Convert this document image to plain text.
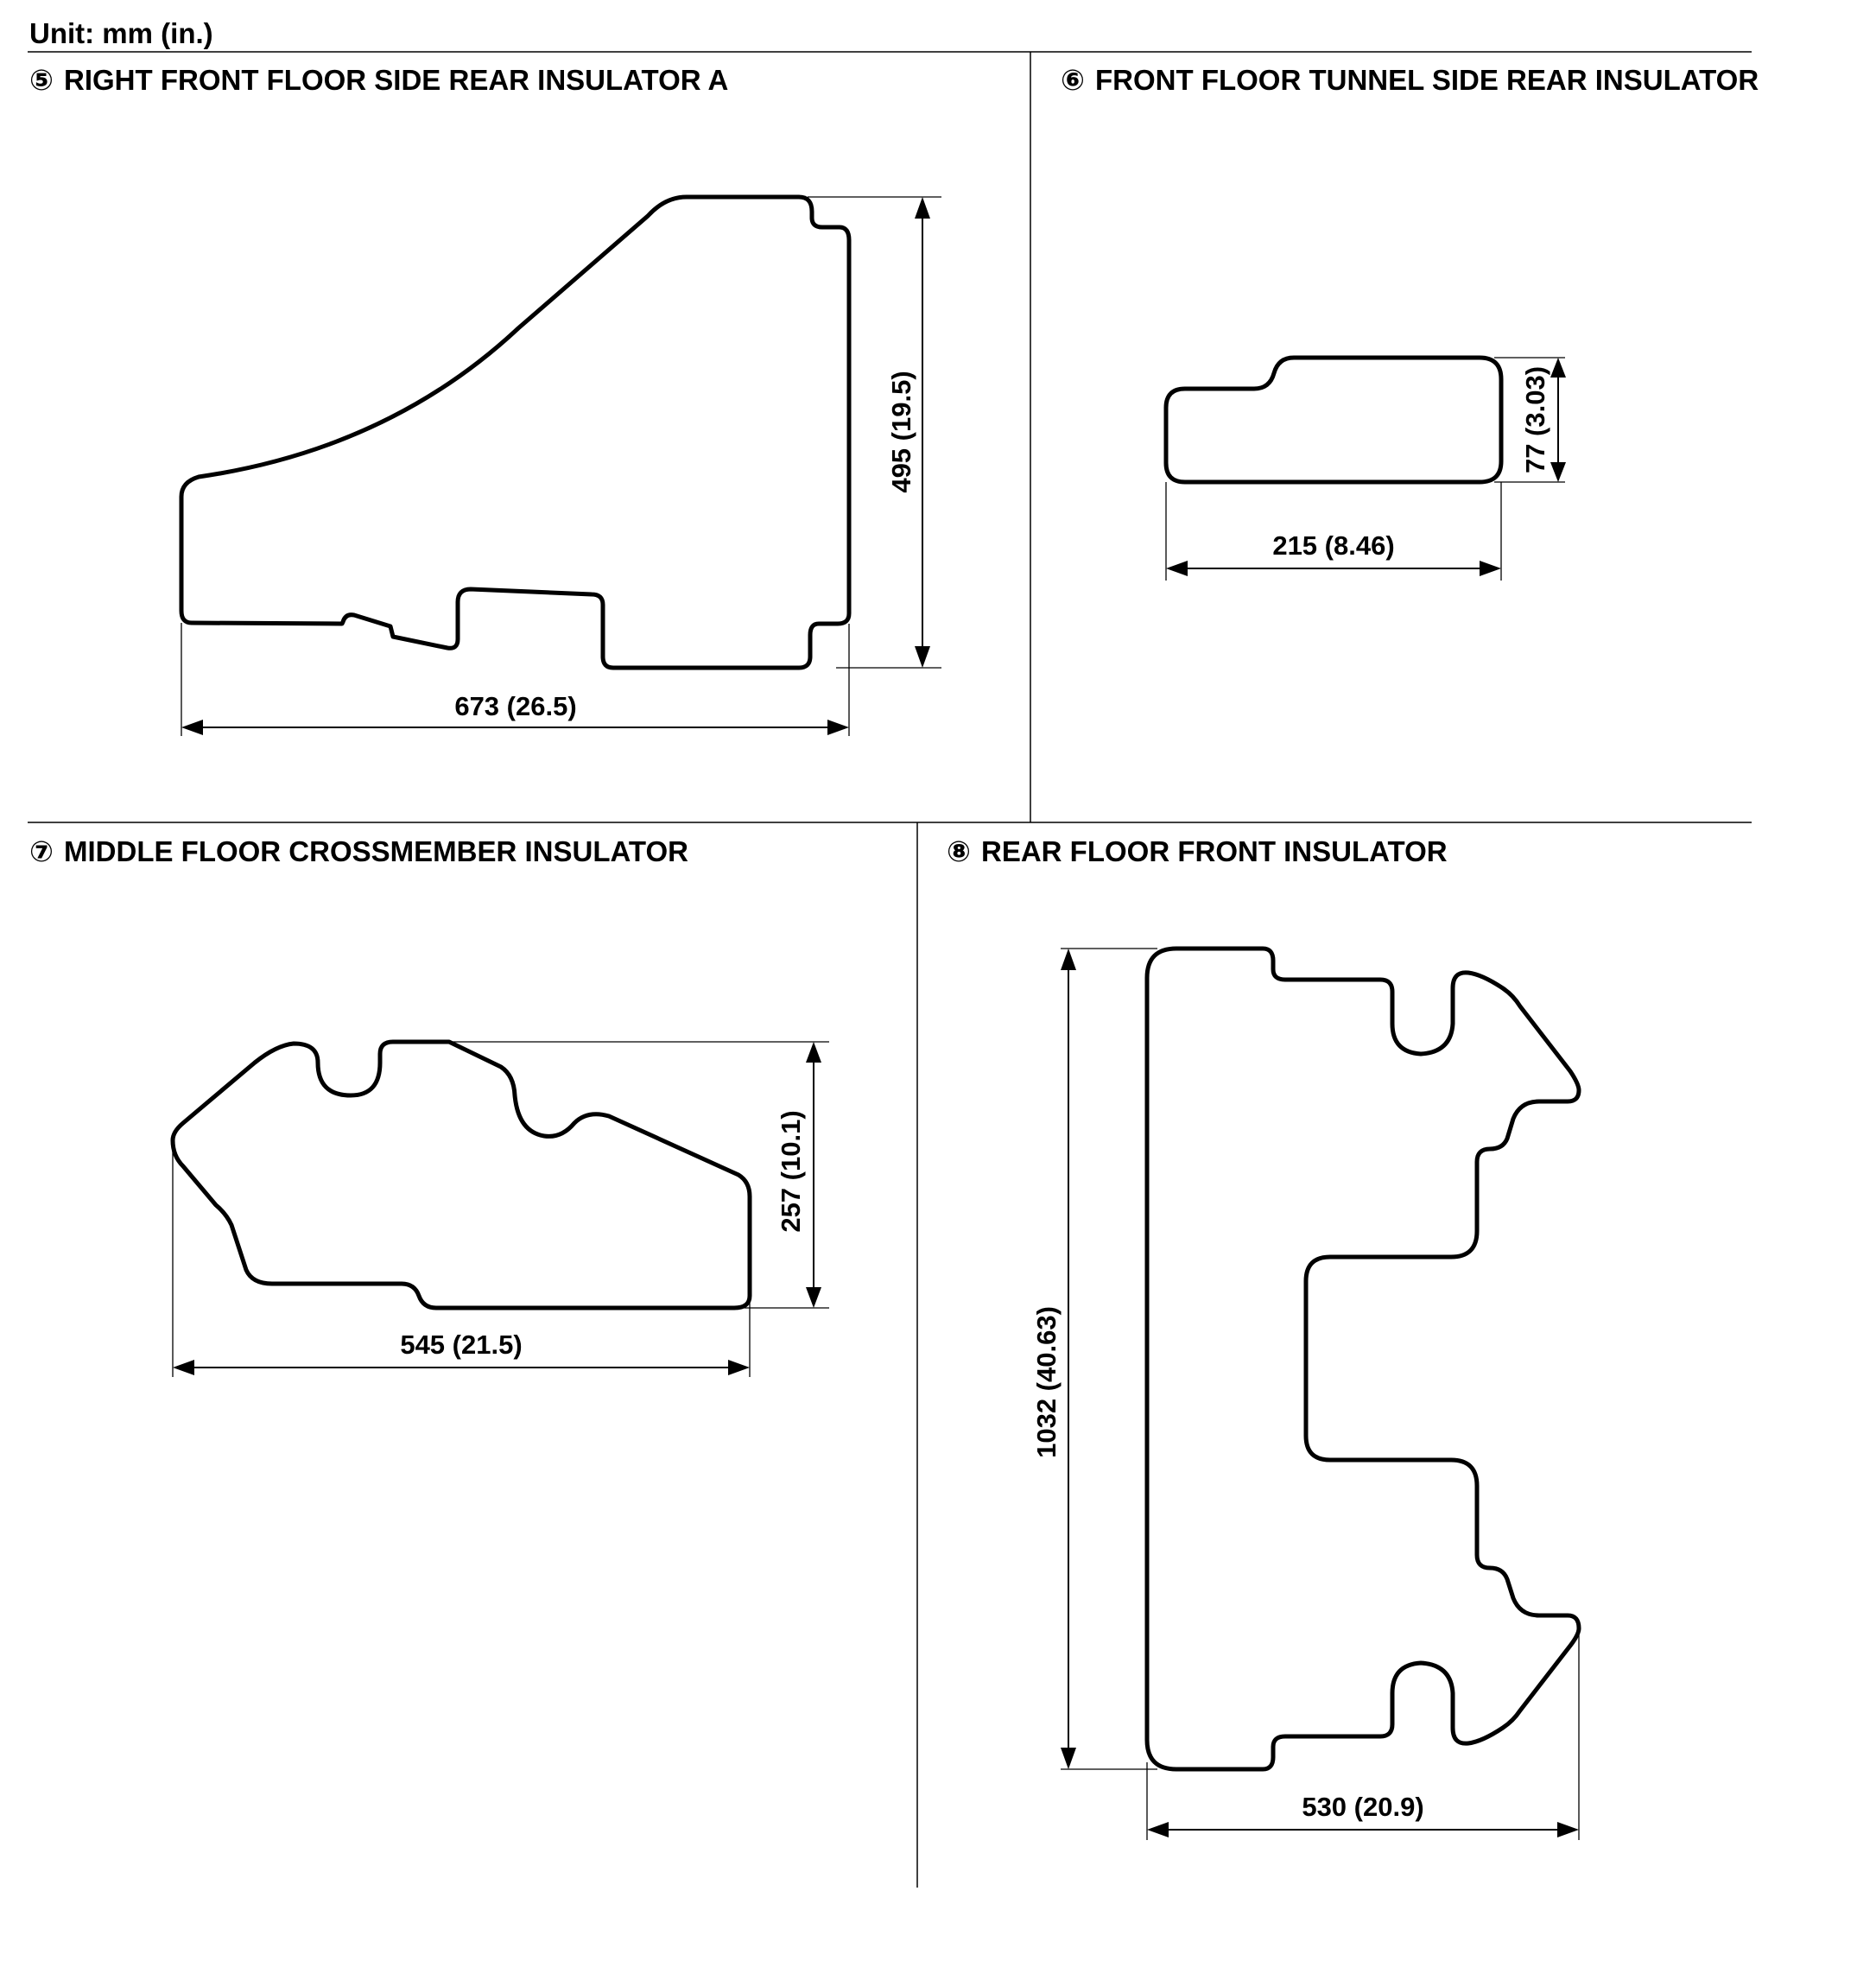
Unit: mm (in.)
⑤ RIGHT FRONT FLOOR SIDE REAR INSULATOR A
495 (19.5)
673 (26.5)
⑥ FRONT FLOOR TUNNEL SIDE REAR INSULATOR
77 (3.03)
215 (8.46)
⑦ MIDDLE FLOOR CROSSMEMBER INSULATOR
257 (10.1)
545 (21.5)
⑧ REAR FLOOR FRONT INSULATOR
1032 (40.63)
530 (20.9)
